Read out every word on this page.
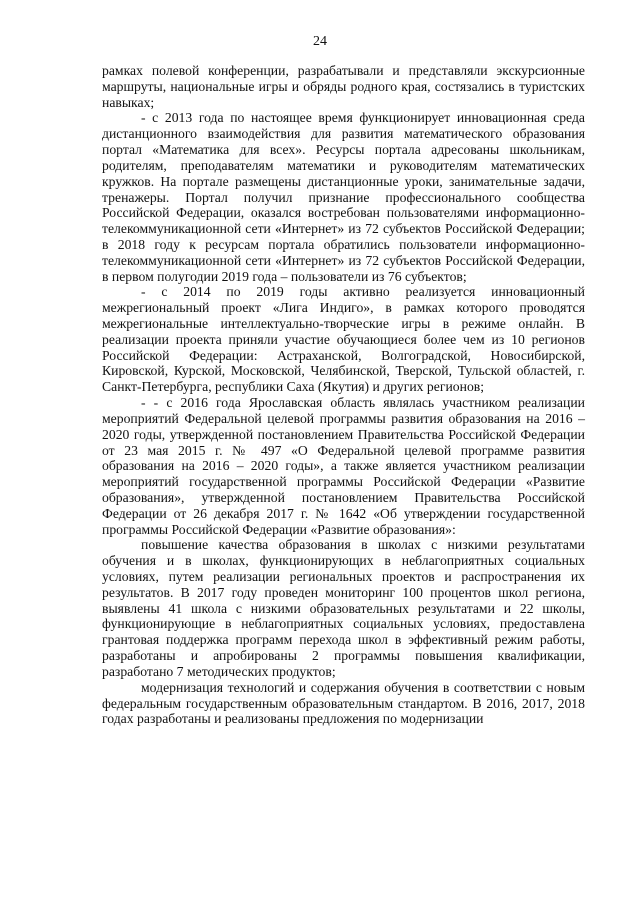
24

рамках полевой конференции, разрабатывали и представляли экскурсионные маршруты, национальные игры и обряды родного края, состязались в туристских навыках;

- с 2013 года по настоящее время функционирует инновационная среда дистанционного взаимодействия для развития математического образования портал «Математика для всех». Ресурсы портала адресованы школьникам, родителям, преподавателям математики и руководителям математических кружков. На портале размещены дистанционные уроки, занимательные задачи, тренажеры. Портал получил признание профессионального сообщества Российской Федерации, оказался востребован пользователями информационно-телекоммуникационной сети «Интернет» из 72 субъектов Российской Федерации; в 2018 году к ресурсам портала обратились пользователи информационно-телекоммуникационной сети «Интернет» из 72 субъектов Российской Федерации, в первом полугодии 2019 года – пользователи из 76 субъектов;

- с 2014 по 2019 годы активно реализуется инновационный межрегиональный проект «Лига Индиго», в рамках которого проводятся межрегиональные интеллектуально-творческие игры в режиме онлайн. В реализации проекта приняли участие обучающиеся более чем из 10 регионов Российской Федерации: Астраханской, Волгоградской, Новосибирской, Кировской, Курской, Московской, Челябинской, Тверской, Тульской областей, г. Санкт-Петербурга, республики Саха (Якутия) и других регионов;

- - с 2016 года Ярославская область являлась участником реализации мероприятий Федеральной целевой программы развития образования на 2016 – 2020 годы, утвержденной постановлением Правительства Российской Федерации от 23 мая 2015 г. № 497 «О Федеральной целевой программе развития образования на 2016 – 2020 годы», а также является участником реализации мероприятий государственной программы Российской Федерации «Развитие образования», утвержденной постановлением Правительства Российской Федерации от 26 декабря 2017 г. № 1642 «Об утверждении государственной программы Российской Федерации «Развитие образования»:

повышение качества образования в школах с низкими результатами обучения и в школах, функционирующих в неблагоприятных социальных условиях, путем реализации региональных проектов и распространения их результатов. В 2017 году проведен мониторинг 100 процентов школ региона, выявлены 41 школа с низкими образовательных результатами и 22 школы, функционирующие в неблагоприятных социальных условиях, предоставлена грантовая поддержка программ перехода школ в эффективный режим работы, разработаны и апробированы 2 программы повышения квалификации, разработано 7 методических продуктов;

модернизация технологий и содержания обучения в соответствии с новым федеральным государственным образовательным стандартом. В 2016, 2017, 2018 годах разработаны и реализованы предложения по модернизации
